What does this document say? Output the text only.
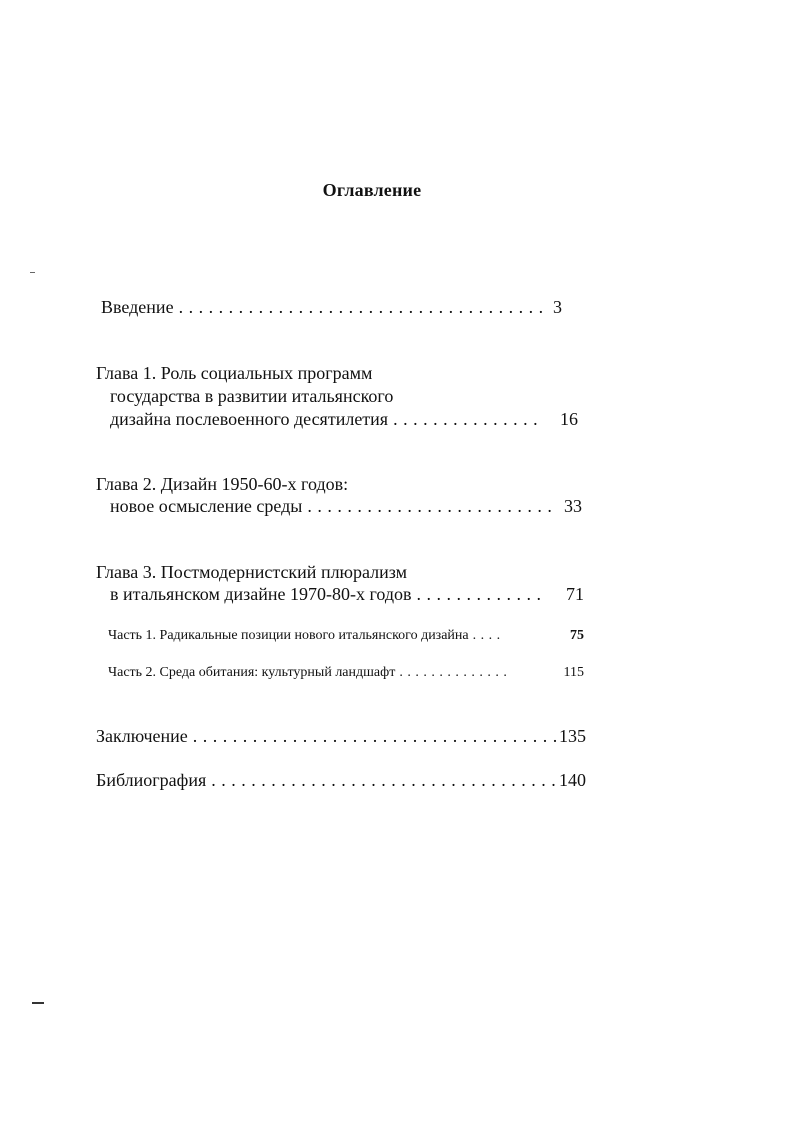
Оглавление
Введение . . . . . . . . . . . . . . . . . . . . . . . . . . . . . . . . . . . . . 3
Глава 1. Роль социальных программ
государства в развитии итальянского
дизайна послевоенного десятилетия . . . . . . . . . . . . . . .	16
Глава 2. Дизайн 1950-60-х годов:
новое осмысление среды . . . . . . . . . . . . . . . . . . . . . . . . . 33
Глава 3. Постмодернистский плюрализм
в итальянском дизайне 1970-80-х годов . . . . . . . . . . . . .	71
Часть 1. Радикальные позиции нового итальянского дизайна . . . .	75
Часть 2. Среда обитания: культурный ландшафт . . . . . . . . . . . . . .	115
Заключение . . . . . . . . . . . . . . . . . . . . . . . . . . . . . . . . . . . . . 135
Библиография . . . . . . . . . . . . . . . . . . . . . . . . . . . . . . . . . . . 140
